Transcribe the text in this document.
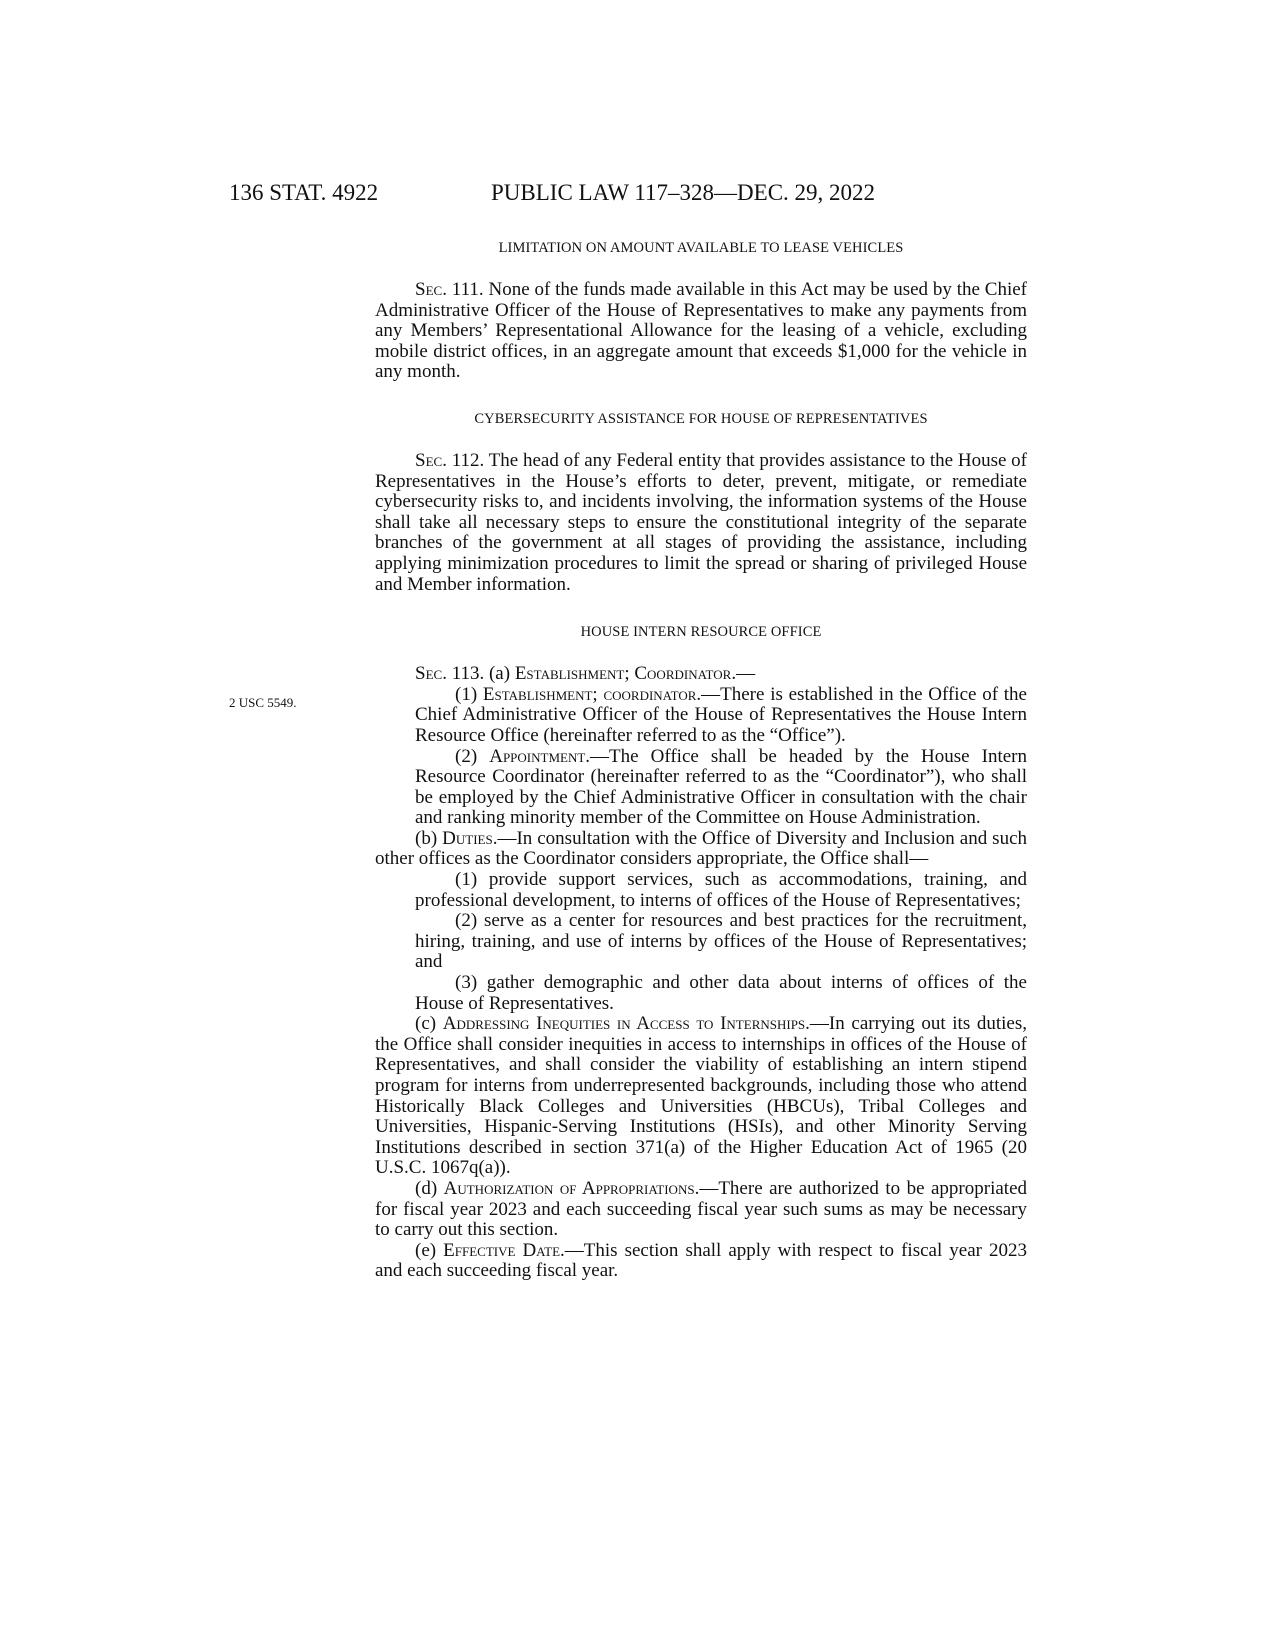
136 STAT. 4922	PUBLIC LAW 117–328—DEC. 29, 2022
2 USC 5549.
LIMITATION ON AMOUNT AVAILABLE TO LEASE VEHICLES

Sec. 111. None of the funds made available in this Act may be used by the Chief Administrative Officer of the House of Representatives to make any payments from any Members’ Representational Allowance for the leasing of a vehicle, excluding mobile district offices, in an aggregate amount that exceeds $1,000 for the vehicle in any month.

CYBERSECURITY ASSISTANCE FOR HOUSE OF REPRESENTATIVES

Sec. 112. The head of any Federal entity that provides assistance to the House of Representatives in the House’s efforts to deter, prevent, mitigate, or remediate cybersecurity risks to, and incidents involving, the information systems of the House shall take all necessary steps to ensure the constitutional integrity of the separate branches of the government at all stages of providing the assistance, including applying minimization procedures to limit the spread or sharing of privileged House and Member information.

HOUSE INTERN RESOURCE OFFICE

Sec. 113. (a) Establishment; Coordinator.—

(1) Establishment; coordinator.—There is established in the Office of the Chief Administrative Officer of the House of Representatives the House Intern Resource Office (hereinafter referred to as the “Office”).

(2) Appointment.—The Office shall be headed by the House Intern Resource Coordinator (hereinafter referred to as the “Coordinator”), who shall be employed by the Chief Administrative Officer in consultation with the chair and ranking minority member of the Committee on House Administration.

(b) Duties.—In consultation with the Office of Diversity and Inclusion and such other offices as the Coordinator considers appropriate, the Office shall—

(1) provide support services, such as accommodations, training, and professional development, to interns of offices of the House of Representatives;

(2) serve as a center for resources and best practices for the recruitment, hiring, training, and use of interns by offices of the House of Representatives; and

(3) gather demographic and other data about interns of offices of the House of Representatives.

(c) Addressing Inequities in Access to Internships.—In carrying out its duties, the Office shall consider inequities in access to internships in offices of the House of Representatives, and shall consider the viability of establishing an intern stipend program for interns from underrepresented backgrounds, including those who attend Historically Black Colleges and Universities (HBCUs), Tribal Colleges and Universities, Hispanic-Serving Institutions (HSIs), and other Minority Serving Institutions described in section 371(a) of the Higher Education Act of 1965 (20 U.S.C. 1067q(a)).

(d) Authorization of Appropriations.—There are authorized to be appropriated for fiscal year 2023 and each succeeding fiscal year such sums as may be necessary to carry out this section.

(e) Effective Date.—This section shall apply with respect to fiscal year 2023 and each succeeding fiscal year.
